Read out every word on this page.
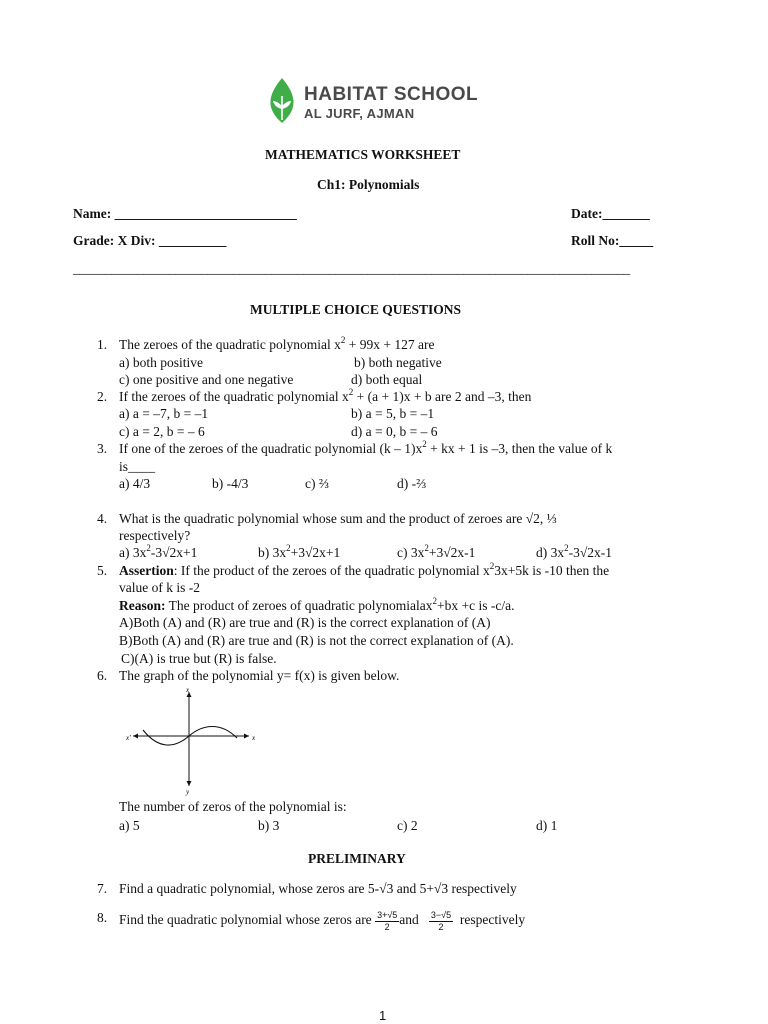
HABITAT SCHOOL
AL JURF, AJMAN
MATHEMATICS WORKSHEET
Ch1: Polynomials
Name: ___________________________	Date:_______
Grade: X Div: __________	Roll No:_____
_______________________________________________________________________________________
MULTIPLE CHOICE QUESTIONS
1. The zeroes of the quadratic polynomial $x^2 + 99x + 127$ are
a) both positive	b) both negative
c) one positive and one negative	d) both equal
2. If the zeroes of the quadratic polynomial $x^2 + (a + 1)x + b$ are 2 and –3, then
a) a = –7, b = –1	b) a = 5, b = –1
c) a = 2, b = – 6	d) a = 0, b = – 6
3. If one of the zeroes of the quadratic polynomial $(k - 1)x^2$ + kx + 1 is –3, then the value of k
is____
a) 4/3	b) -4/3	c) ⅔	d) -⅔
4. What is the quadratic polynomial whose sum and the product of zeroes are √2, ⅓
respectively?
a) $3x^2-3√2x+1$	b) $3x^2+3√2x+1$	c) $3x^2+3√2x-1$	d) $3x^2-3√2x-1$
5. Assertion: If the product of the zeroes of the quadratic polynomial $x^23x+5k$ is -10 then the
value of k is -2
Reason: The product of zeroes of quadratic polynomialax$^2$+bx +c is -c/a.
A)Both (A) and (R) are true and (R) is the correct explanation of (A)
B)Both (A) and (R) are true and (R) is not the correct explanation of (A).
C)(A) is true but (R) is false.
6. The graph of the polynomial y= f(x) is given below.
x'	x
x
y
The number of zeros of the polynomial is:
a) 5	b) 3	c) 2	d) 1
PRELIMINARY
7. Find a quadratic polynomial, whose zeros are 5-√3 and 5+√3 respectively
8. Find the quadratic polynomial whose zeros are $\frac{3+√5}{2}$ and $\frac{3-√5}{2}$ respectively
1
